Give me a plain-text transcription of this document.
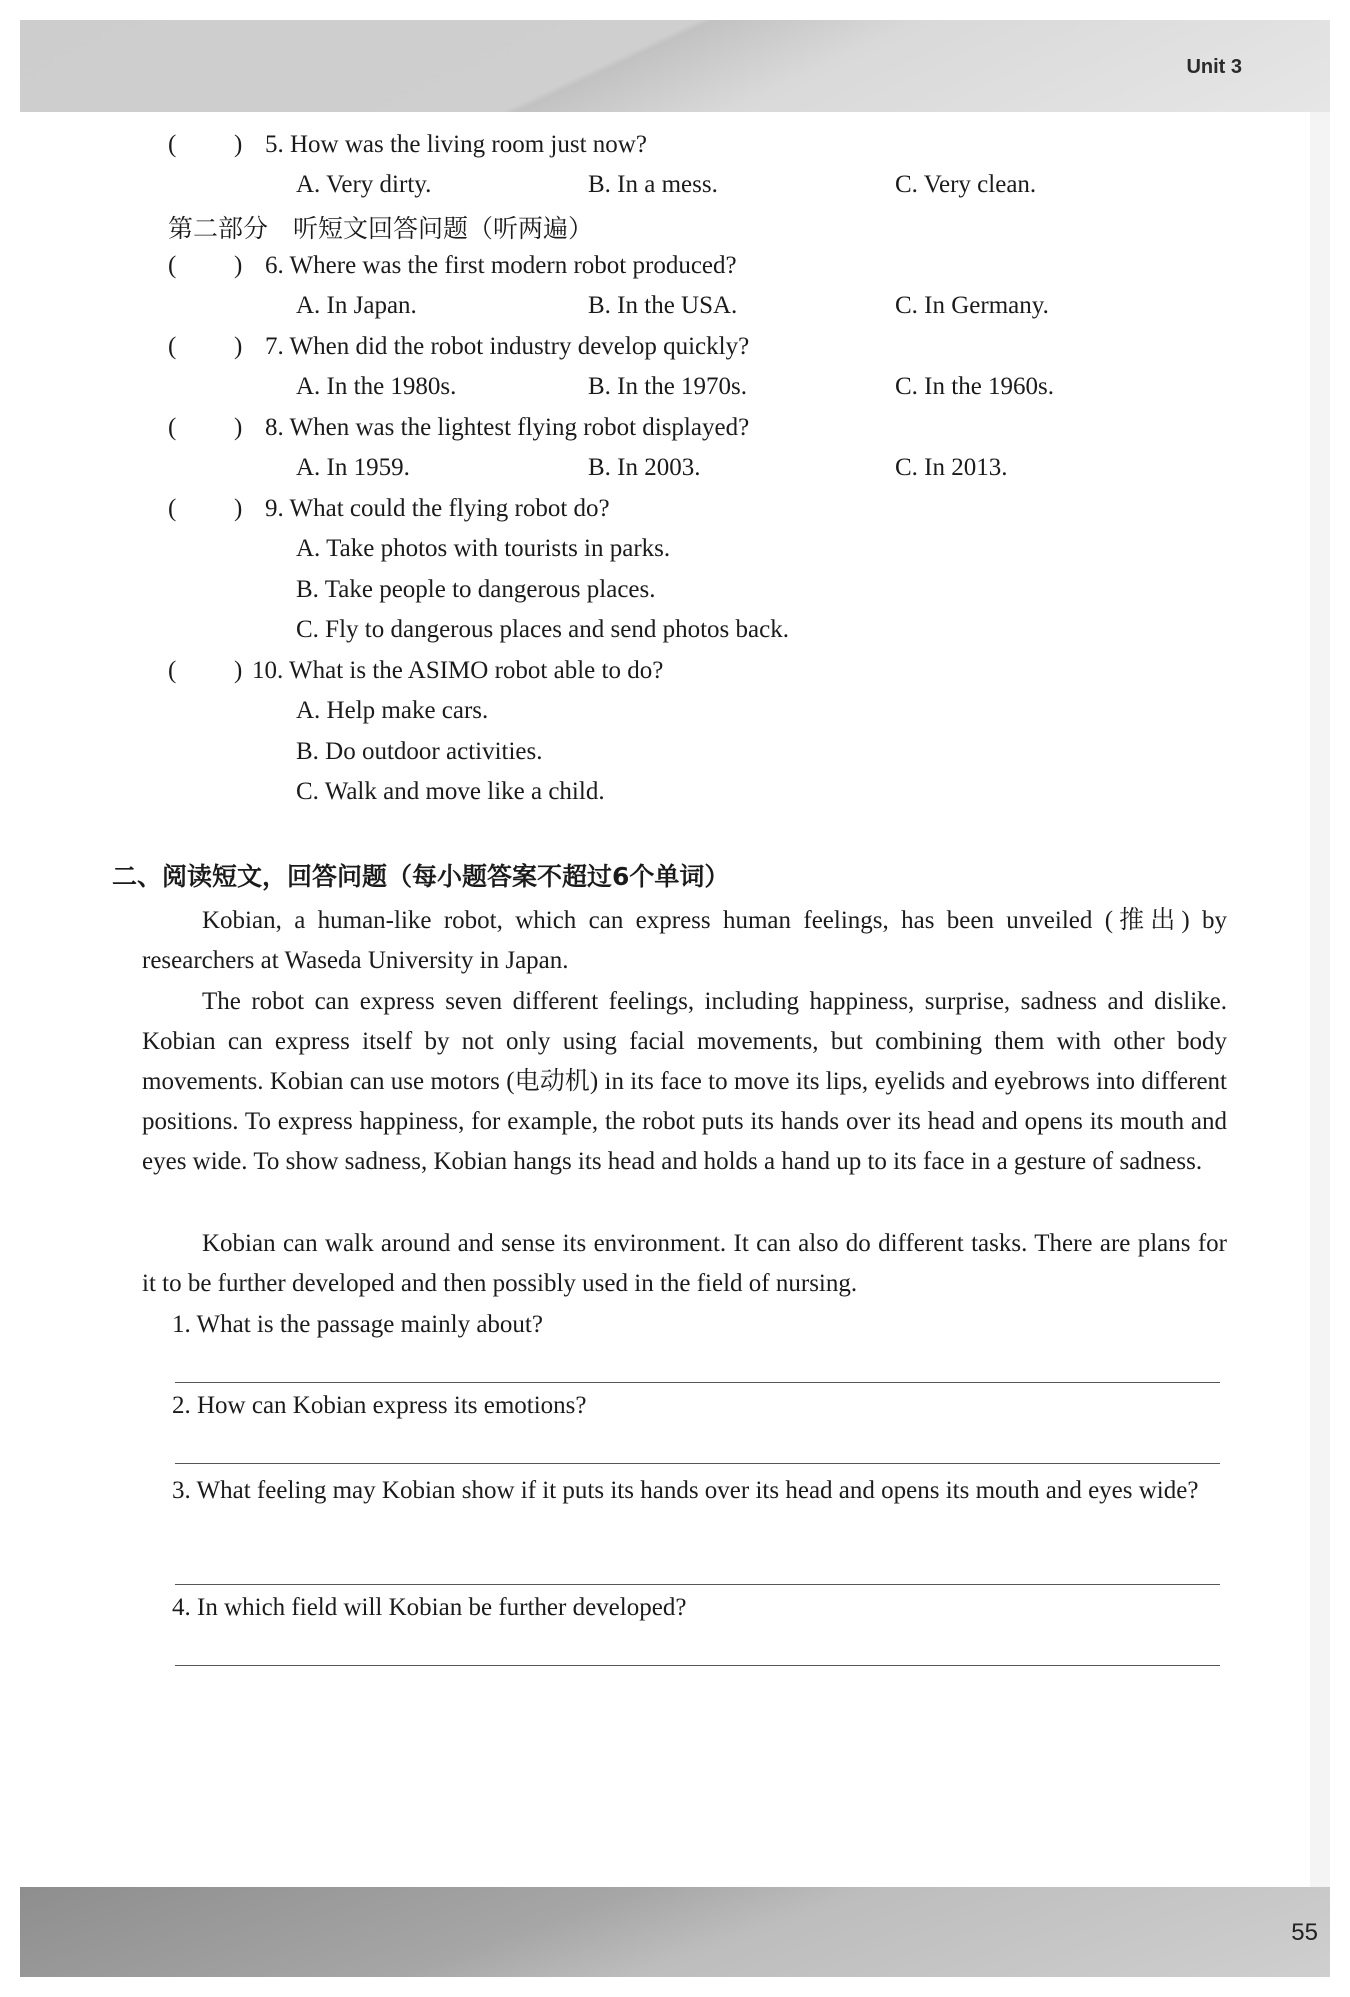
Unit 3
55
( ) 5. How was the living room just now?
A. Very dirty.	B. In a mess.	C. Very clean.
第二部分　听短文回答问题（听两遍）
( ) 6. Where was the first modern robot produced?
A. In Japan.	B. In the USA.	C. In Germany.
( ) 7. When did the robot industry develop quickly?
A. In the 1980s.	B. In the 1970s.	C. In the 1960s.
( ) 8. When was the lightest flying robot displayed?
A. In 1959.	B. In 2003.	C. In 2013.
( ) 9. What could the flying robot do?
A. Take photos with tourists in parks.
B. Take people to dangerous places.
C. Fly to dangerous places and send photos back.
( ) 10. What is the ASIMO robot able to do?
A. Help make cars.
B. Do outdoor activities.
C. Walk and move like a child.
二、阅读短文，回答问题（每小题答案不超过6个单词）
Kobian, a human-like robot, which can express human feelings, has been unveiled (推出) by researchers at Waseda University in Japan.
The robot can express seven different feelings, including happiness, surprise, sadness and dislike. Kobian can express itself by not only using facial movements, but combining them with other body movements. Kobian can use motors (电动机) in its face to move its lips, eyelids and eyebrows into different positions. To express happiness, for example, the robot puts its hands over its head and opens its mouth and eyes wide. To show sadness, Kobian hangs its head and holds a hand up to its face in a gesture of sadness.
Kobian can walk around and sense its environment. It can also do different tasks. There are plans for it to be further developed and then possibly used in the field of nursing.
1. What is the passage mainly about?
2. How can Kobian express its emotions?
3. What feeling may Kobian show if it puts its hands over its head and opens its mouth and eyes wide?
4. In which field will Kobian be further developed?
